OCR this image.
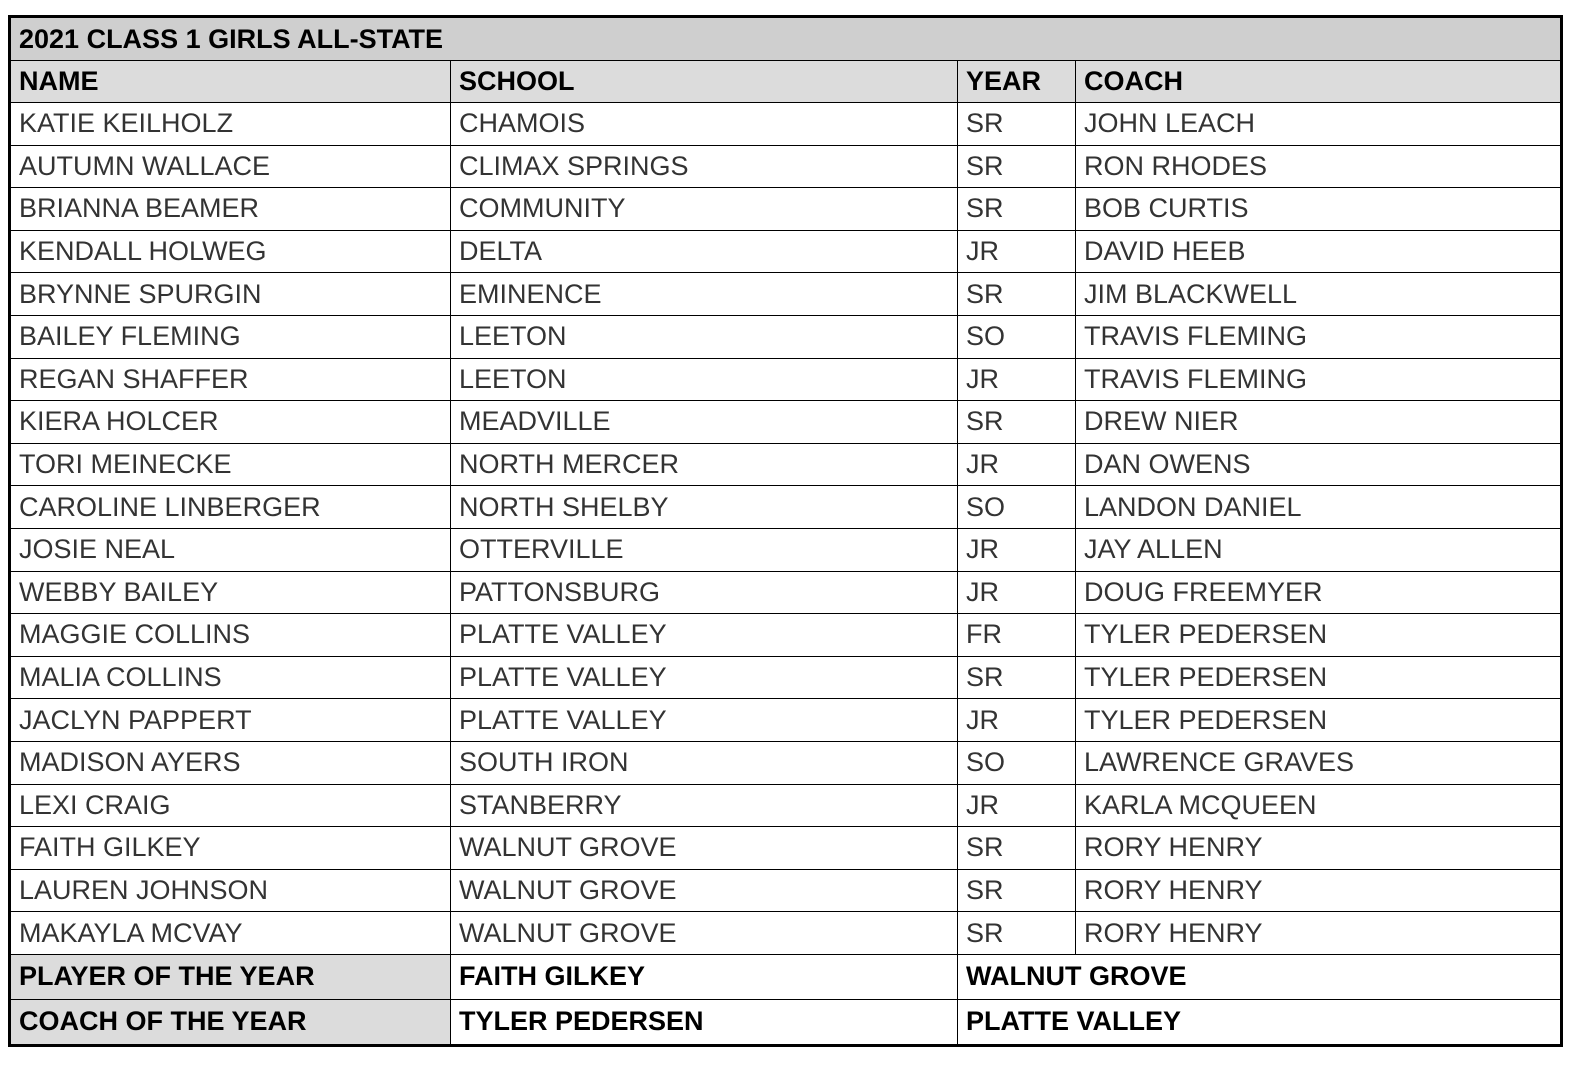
2021 CLASS 1 GIRLS ALL-STATE			
NAME	SCHOOL	YEAR	COACH
KATIE KEILHOLZ	CHAMOIS	SR	JOHN LEACH
AUTUMN WALLACE	CLIMAX SPRINGS	SR	RON RHODES
BRIANNA BEAMER	COMMUNITY	SR	BOB CURTIS
KENDALL HOLWEG	DELTA	JR	DAVID HEEB
BRYNNE SPURGIN	EMINENCE	SR	JIM BLACKWELL
BAILEY FLEMING	LEETON	SO	TRAVIS FLEMING
REGAN SHAFFER	LEETON	JR	TRAVIS FLEMING
KIERA HOLCER	MEADVILLE	SR	DREW NIER
TORI MEINECKE	NORTH MERCER	JR	DAN OWENS
CAROLINE LINBERGER	NORTH SHELBY	SO	LANDON DANIEL
JOSIE NEAL	OTTERVILLE	JR	JAY ALLEN
WEBBY BAILEY	PATTONSBURG	JR	DOUG FREEMYER
MAGGIE COLLINS	PLATTE VALLEY	FR	TYLER PEDERSEN
MALIA COLLINS	PLATTE VALLEY	SR	TYLER PEDERSEN
JACLYN PAPPERT	PLATTE VALLEY	JR	TYLER PEDERSEN
MADISON AYERS	SOUTH IRON	SO	LAWRENCE GRAVES
LEXI CRAIG	STANBERRY	JR	KARLA MCQUEEN
FAITH GILKEY	WALNUT GROVE	SR	RORY HENRY
LAUREN JOHNSON	WALNUT GROVE	SR	RORY HENRY
MAKAYLA MCVAY	WALNUT GROVE	SR	RORY HENRY
PLAYER OF THE YEAR	FAITH GILKEY	WALNUT GROVE	
COACH OF THE YEAR	TYLER PEDERSEN	PLATTE VALLEY	
